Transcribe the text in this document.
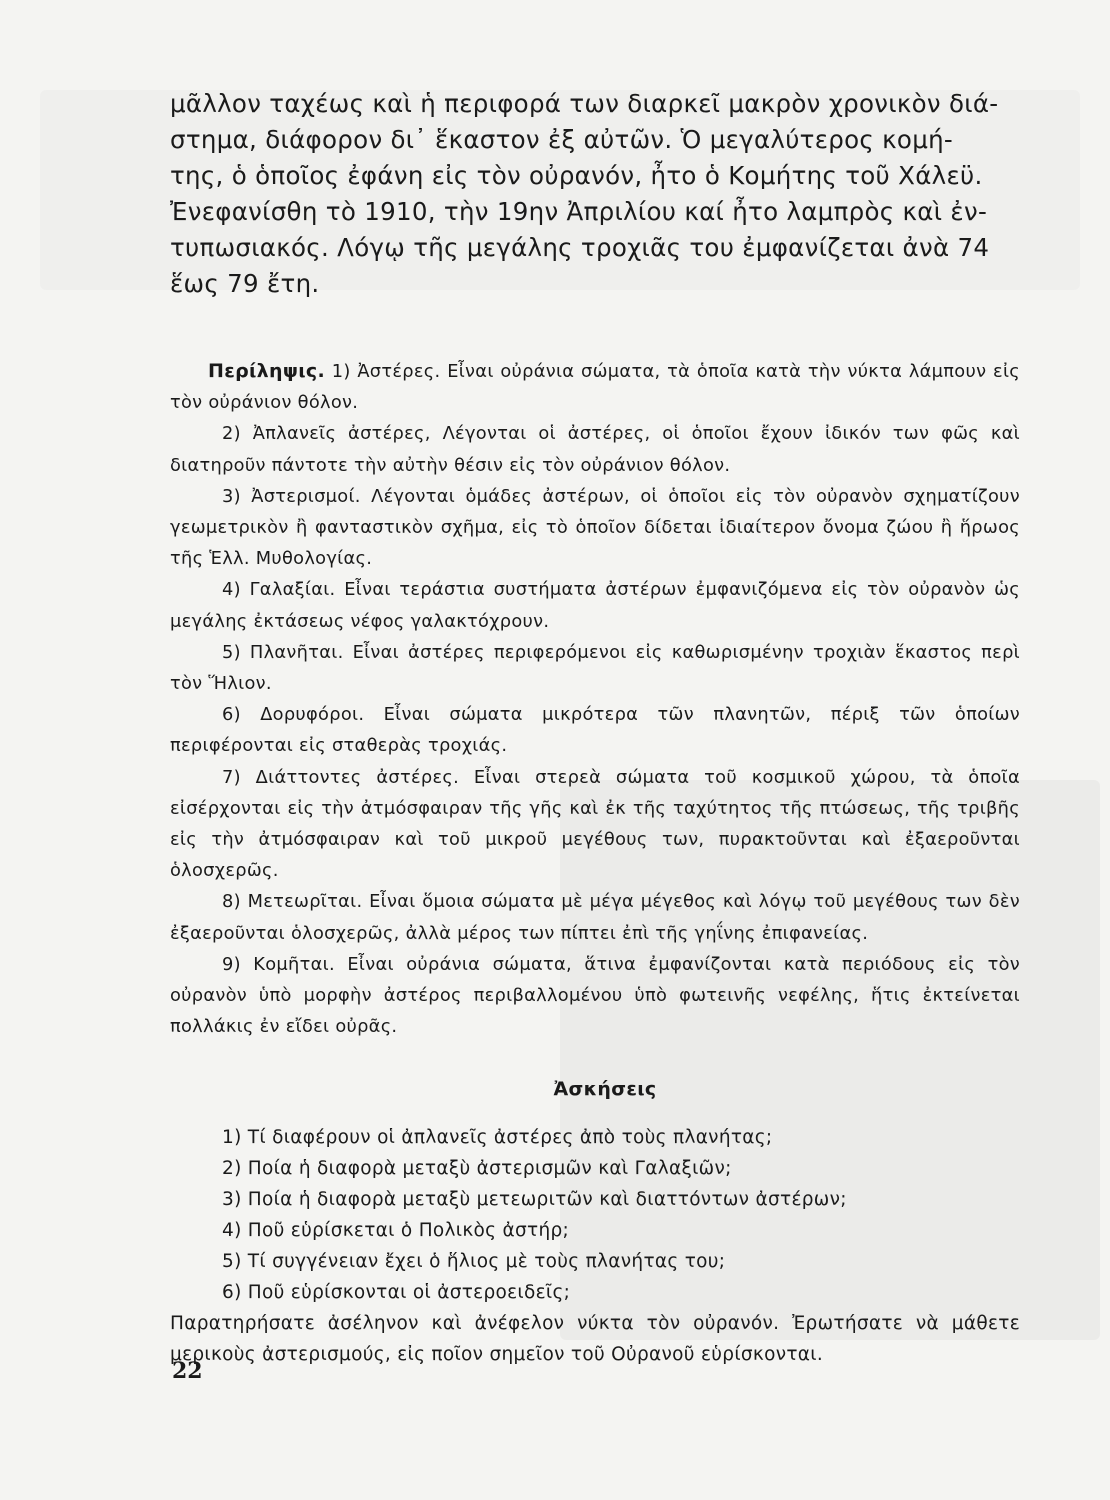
μᾶλλον ταχέως καὶ ἡ περιφορά των διαρκεῖ μακρὸν χρονικὸν διά-

στημα, διάφορον δι᾽ ἕκαστον ἐξ αὐτῶν. Ὁ μεγαλύτερος κομή-

της, ὁ ὁποῖος ἐφάνη εἰς τὸν οὐρανόν, ἦτο ὁ Κομήτης τοῦ Χάλεϋ.

Ἐνεφανίσθη τὸ 1910, τὴν 19ην Ἀπριλίου καί ἦτο λαμπρὸς καὶ ἐν-

τυπωσιακός. Λόγῳ τῆς μεγάλης τροχιᾶς του ἐμφανίζεται ἀνὰ 74

ἕως 79 ἔτη.

Περίληψις. 1) Ἀστέρες. Εἶναι οὐράνια σώματα, τὰ ὁποῖα κατὰ τὴν νύκτα λάμπουν εἰς τὸν οὐράνιον θόλον.

2) Ἀπλανεῖς ἀστέρες, Λέγονται οἱ ἀστέρες, οἱ ὁποῖοι ἔχουν ἰδικόν των φῶς καὶ διατηροῦν πάντοτε τὴν αὐτὴν θέσιν εἰς τὸν οὐράνιον θόλον.

3) Ἀστερισμοί. Λέγονται ὁμάδες ἀστέρων, οἱ ὁποῖοι εἰς τὸν οὐρανὸν σχηματίζουν γεωμετρικὸν ἢ φανταστικὸν σχῆμα, εἰς τὸ ὁποῖον δίδεται ἰδιαίτερον ὄνομα ζώου ἢ ἥρωος τῆς Ἑλλ. Μυθολογίας.

4) Γαλαξίαι. Εἶναι τεράστια συστήματα ἀστέρων ἐμφανιζόμενα εἰς τὸν οὐρανὸν ὡς μεγάλης ἐκτάσεως νέφος γαλακτόχρουν.

5) Πλανῆται. Εἶναι ἀστέρες περιφερόμενοι εἰς καθωρισμένην τροχιὰν ἕκαστος περὶ τὸν Ἥλιον.

6) Δορυφόροι. Εἶναι σώματα μικρότερα τῶν πλανητῶν, πέριξ τῶν ὁποίων περιφέρονται εἰς σταθερὰς τροχιάς.

7) Διάττοντες ἀστέρες. Εἶναι στερεὰ σώματα τοῦ κοσμικοῦ χώρου, τὰ ὁποῖα εἰσέρχονται εἰς τὴν ἀτμόσφαιραν τῆς γῆς καὶ ἐκ τῆς ταχύτητος τῆς πτώσεως, τῆς τριβῆς εἰς τὴν ἀτμόσφαιραν καὶ τοῦ μικροῦ μεγέθους των, πυρακτοῦνται καὶ ἐξαεροῦνται ὁλοσχερῶς.

8) Μετεωρῖται. Εἶναι ὅμοια σώματα μὲ μέγα μέγεθος καὶ λόγῳ τοῦ μεγέθους των δὲν ἐξαεροῦνται ὁλοσχερῶς, ἀλλὰ μέρος των πίπτει ἐπὶ τῆς γηΐνης ἐπιφανείας.

9) Κομῆται. Εἶναι οὐράνια σώματα, ἅτινα ἐμφανίζονται κατὰ περιόδους εἰς τὸν οὐρανὸν ὑπὸ μορφὴν ἀστέρος περιβαλλομένου ὑπὸ φωτεινῆς νεφέλης, ἥτις ἐκτείνεται πολλάκις ἐν εἴδει οὐρᾶς.

Ἀσκήσεις

1) Τί διαφέρουν οἱ ἀπλανεῖς ἀστέρες ἀπὸ τοὺς πλανήτας;

2) Ποία ἡ διαφορὰ μεταξὺ ἀστερισμῶν καὶ Γαλαξιῶν;

3) Ποία ἡ διαφορὰ μεταξὺ μετεωριτῶν καὶ διαττόντων ἀστέρων;

4) Ποῦ εὑρίσκεται ὁ Πολικὸς ἀστήρ;

5) Τί συγγένειαν ἔχει ὁ ἥλιος μὲ τοὺς πλανήτας του;

6) Ποῦ εὑρίσκονται οἱ ἀστεροειδεῖς;

Παρατηρήσατε ἀσέληνον καὶ ἀνέφελον νύκτα τὸν οὐρανόν. Ἐρωτήσατε νὰ μάθετε μερικοὺς ἀστερισμούς, εἰς ποῖον σημεῖον τοῦ Οὐρανοῦ εὑρίσκονται.

22
